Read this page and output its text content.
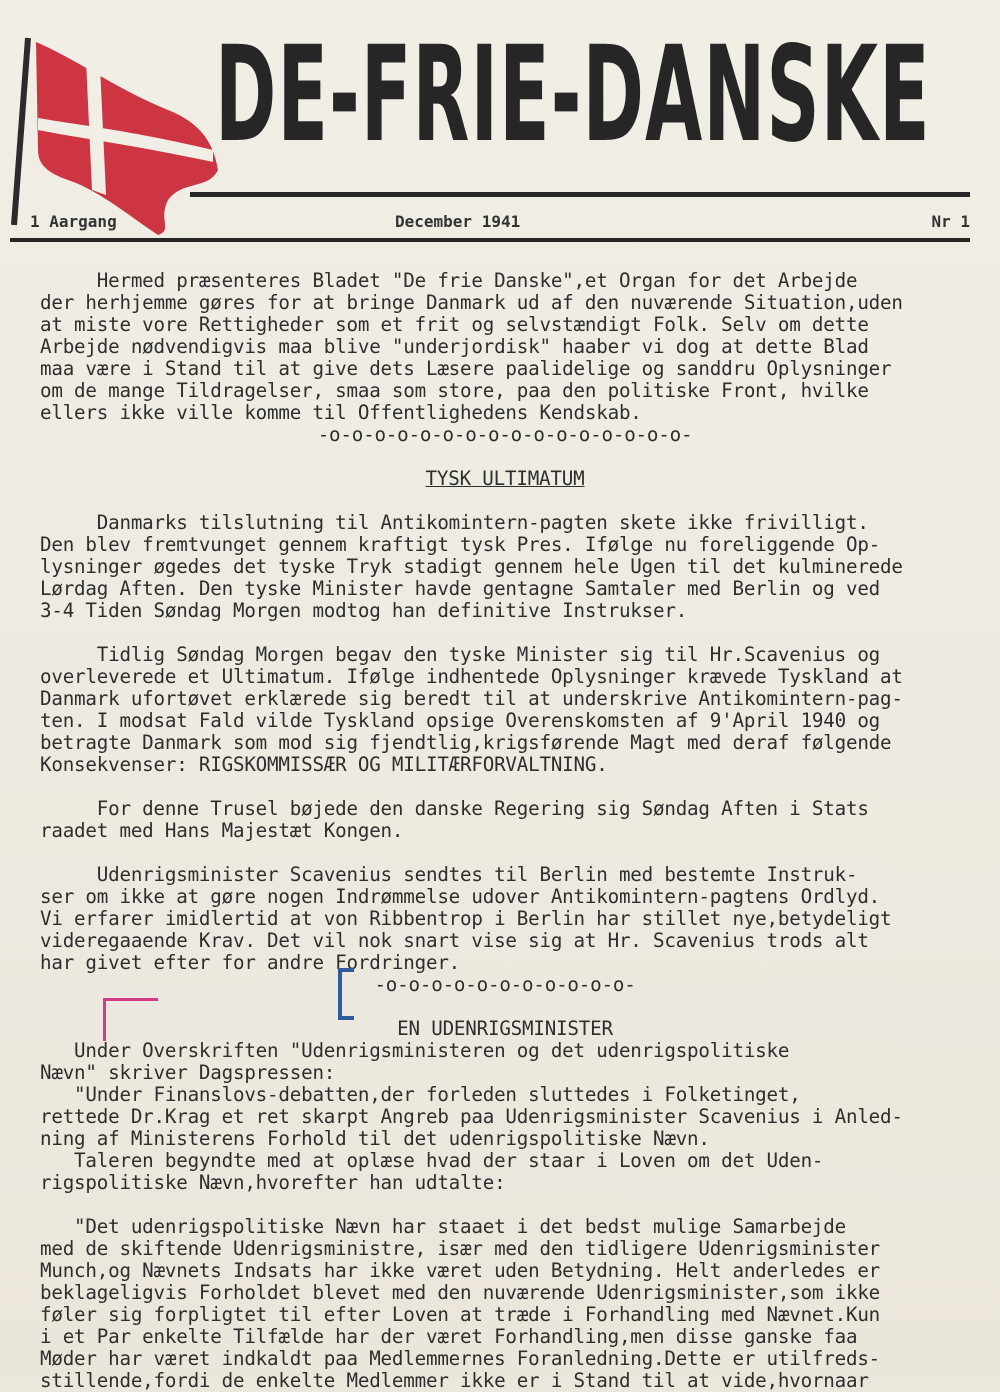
DE-FRIE-DANSKE
1 Aargang	December 1941	Nr 1

Hermed præsenteres Bladet "De frie Danske",et Organ for det Arbejde

der herhjemme gøres for at bringe Danmark ud af den nuværende Situation,uden

at miste vore Rettigheder som et frit og selvstændigt Folk. Selv om dette

Arbejde nødvendigvis maa blive "underjordisk" haaber vi dog at dette Blad

maa være i Stand til at give dets Læsere paalidelige og sanddru Oplysninger

om de mange Tildragelser, smaa som store, paa den politiske Front, hvilke

ellers ikke ville komme til Offentlighedens Kendskab.

-o-o-o-o-o-o-o-o-o-o-o-o-o-o-o-o-

TYSK ULTIMATUM

Danmarks tilslutning til Antikomintern-pagten skete ikke frivilligt.

Den blev fremtvunget gennem kraftigt tysk Pres. Ifølge nu foreliggende Op-

lysninger øgedes det tyske Tryk stadigt gennem hele Ugen til det kulminerede

Lørdag Aften. Den tyske Minister havde gentagne Samtaler med Berlin og ved

3-4 Tiden Søndag Morgen modtog han definitive Instrukser.

Tidlig Søndag Morgen begav den tyske Minister sig til Hr.Scavenius og

overleverede et Ultimatum. Ifølge indhentede Oplysninger krævede Tyskland at

Danmark ufortøvet erklærede sig beredt til at underskrive Antikomintern-pag-

ten. I modsat Fald vilde Tyskland opsige Overenskomsten af 9'April 1940 og

betragte Danmark som mod sig fjendtlig,krigsførende Magt med deraf følgende

Konsekvenser: RIGSKOMMISSÆR OG MILITÆRFORVALTNING.

For denne Trusel bøjede den danske Regering sig Søndag Aften i Stats

raadet med Hans Majestæt Kongen.

Udenrigsminister Scavenius sendtes til Berlin med bestemte Instruk-

ser om ikke at gøre nogen Indrømmelse udover Antikomintern-pagtens Ordlyd.

Vi erfarer imidlertid at von Ribbentrop i Berlin har stillet nye,betydeligt

videregaaende Krav. Det vil nok snart vise sig at Hr. Scavenius trods alt

har givet efter for andre Fordringer.

-o-o-o-o-o-o-o-o-o-o-o-

EN UDENRIGSMINISTER

Under Overskriften "Udenrigsministeren og det udenrigspolitiske

Nævn" skriver Dagspressen:

"Under Finanslovs-debatten,der forleden sluttedes i Folketinget,

rettede Dr.Krag et ret skarpt Angreb paa Udenrigsminister Scavenius i Anled-

ning af Ministerens Forhold til det udenrigspolitiske Nævn.

Taleren begyndte med at oplæse hvad der staar i Loven om det Uden-

rigspolitiske Nævn,hvorefter han udtalte:

"Det udenrigspolitiske Nævn har staaet i det bedst mulige Samarbejde

med de skiftende Udenrigsministre, især med den tidligere Udenrigsminister

Munch,og Nævnets Indsats har ikke været uden Betydning. Helt anderledes er

beklageligvis Forholdet blevet med den nuværende Udenrigsminister,som ikke

føler sig forpligtet til efter Loven at træde i Forhandling med Nævnet.Kun

i et Par enkelte Tilfælde har der været Forhandling,men disse ganske faa

Møder har været indkaldt paa Medlemmernes Foranledning.Dette er utilfreds-

stillende,fordi de enkelte Medlemmer ikke er i Stand til at vide,hvornaar
